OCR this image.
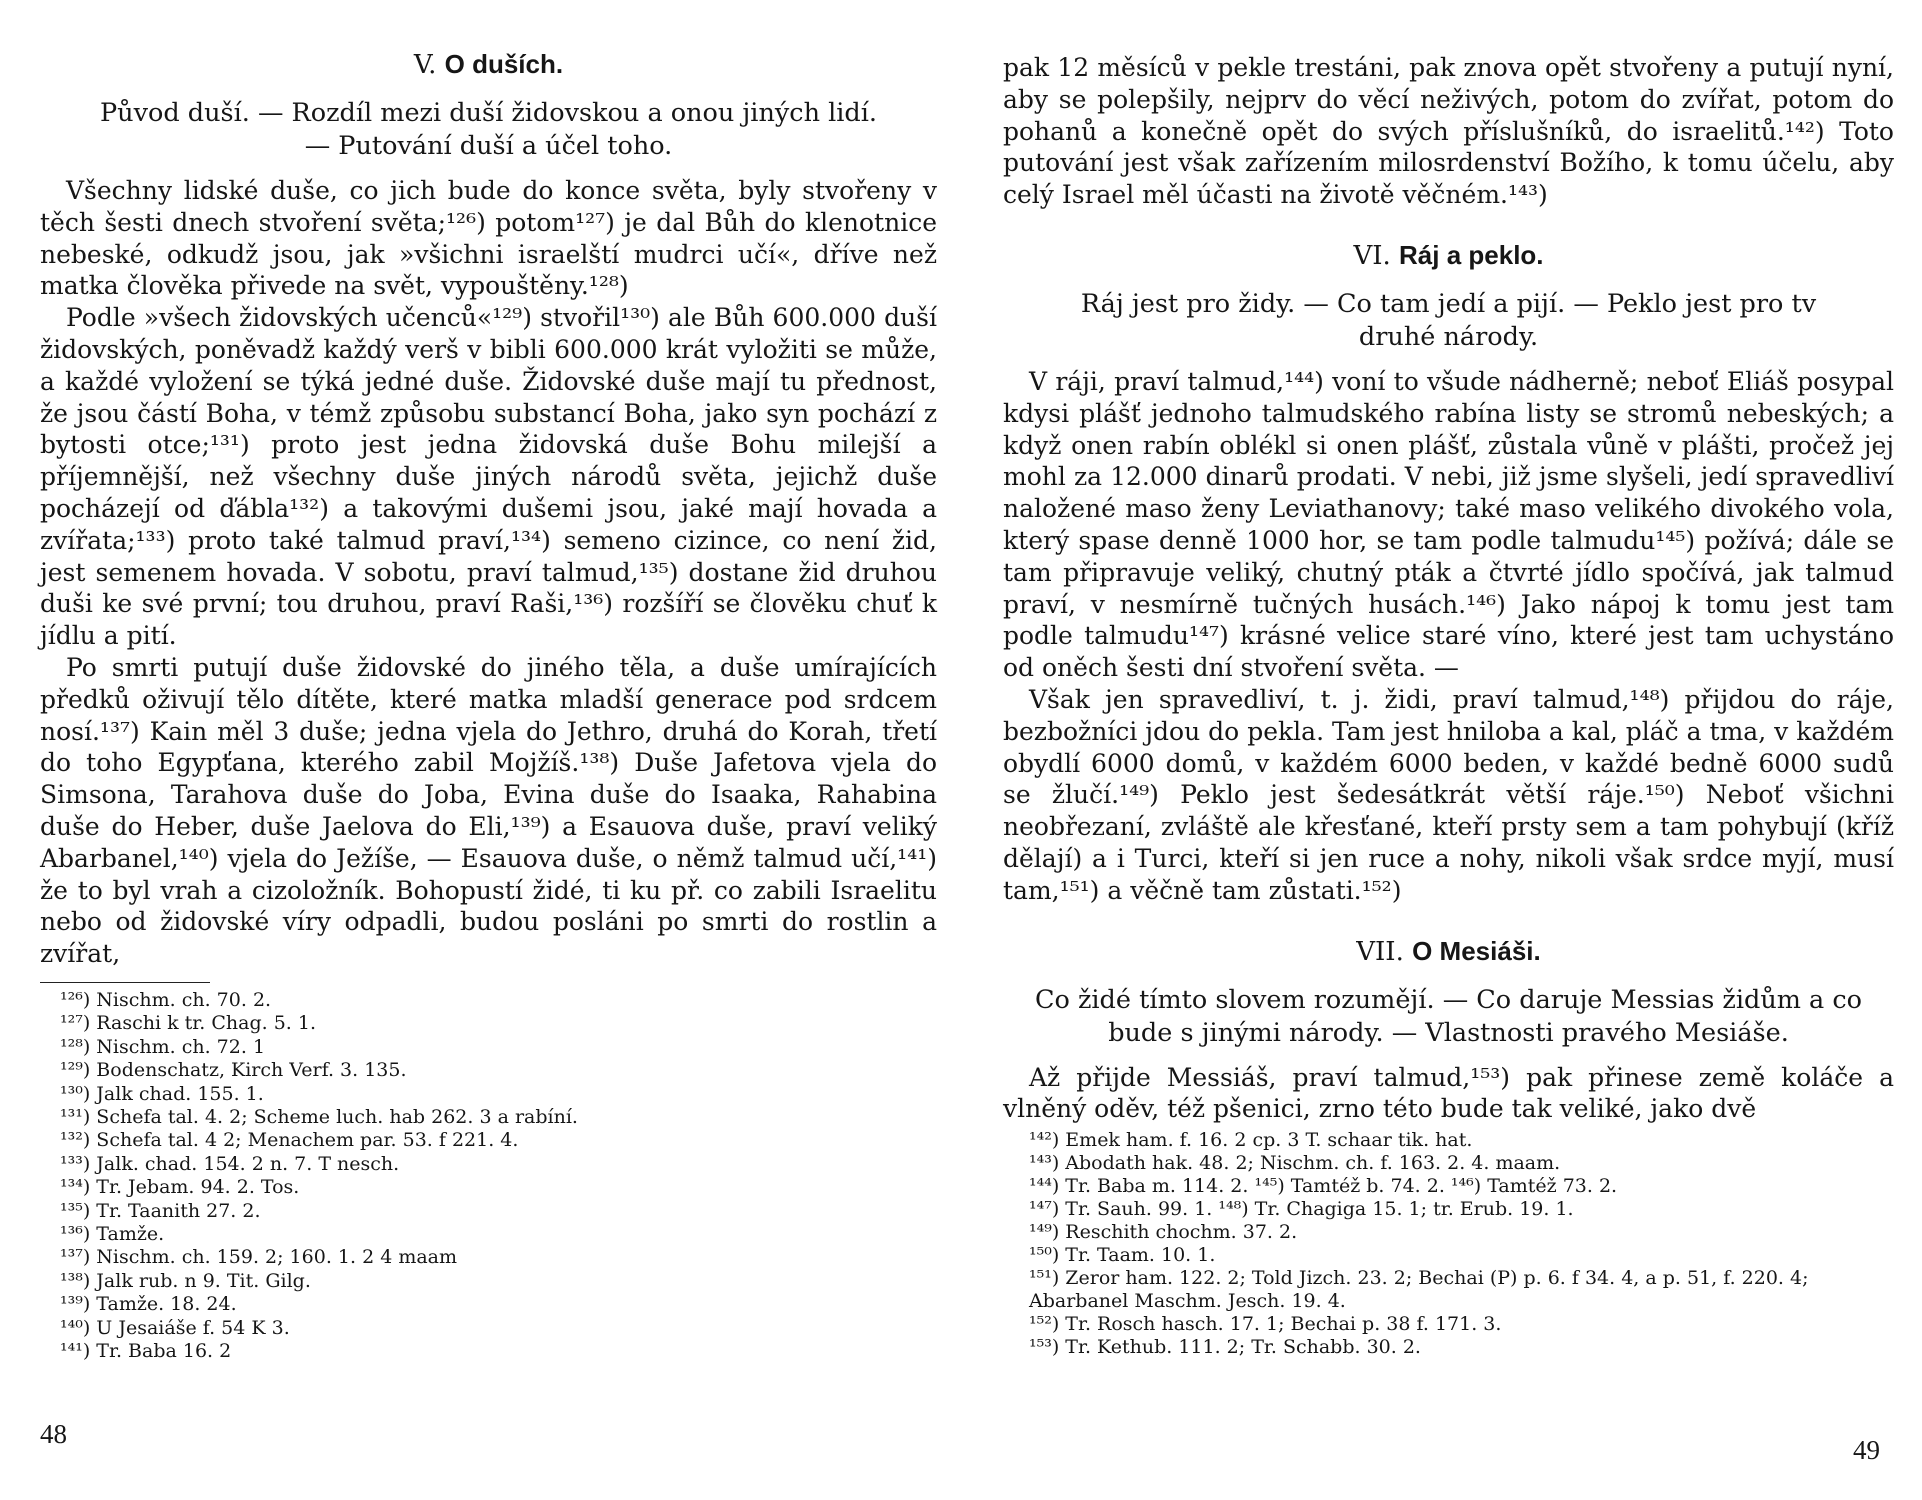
V. O duších.
Původ duší. — Rozdíl mezi duší židovskou a onou jiných lidí.
— Putování duší a účel toho.

Všechny lidské duše, co jich bude do konce světa, byly stvořeny v těch šesti dnech stvoření světa;¹²⁶) potom¹²⁷) je dal Bůh do klenotnice nebeské, odkudž jsou, jak »všichni israelští mudrci učí«, dříve než matka člověka přivede na svět, vypouštěny.¹²⁸)

Podle »všech židovských učenců«¹²⁹) stvořil¹³⁰) ale Bůh 600.000 duší židovských, poněvadž každý verš v bibli 600.000 krát vyložiti se může, a každé vyložení se týká jedné duše. Židovské duše mají tu přednost, že jsou částí Boha, v témž způsobu substancí Boha, jako syn pochází z bytosti otce;¹³¹) proto jest jedna židovská duše Bohu milejší a příjemnější, než všechny duše jiných národů světa, jejichž duše pocházejí od ďábla¹³²) a takovými dušemi jsou, jaké mají hovada a zvířata;¹³³) proto také talmud praví,¹³⁴) semeno cizince, co není žid, jest semenem hovada. V sobotu, praví talmud,¹³⁵) dostane žid druhou duši ke své první; tou druhou, praví Raši,¹³⁶) rozšíří se člověku chuť k jídlu a pití.

Po smrti putují duše židovské do jiného těla, a duše umírajících předků oživují tělo dítěte, které matka mladší generace pod srdcem nosí.¹³⁷) Kain měl 3 duše; jedna vjela do Jethro, druhá do Korah, třetí do toho Egypťana, kterého zabil Mojžíš.¹³⁸) Duše Jafetova vjela do Simsona, Tarahova duše do Joba, Evina duše do Isaaka, Rahabina duše do Heber, duše Jaelova do Eli,¹³⁹) a Esauova duše, praví veliký Abarbanel,¹⁴⁰) vjela do Ježíše, — Esauova duše, o němž talmud učí,¹⁴¹) že to byl vrah a cizoložník. Bohopustí židé, ti ku př. co zabili Israelitu nebo od židovské víry odpadli, budou posláni po smrti do rostlin a zvířat,

¹²⁶) Nischm. ch. 70. 2.
¹²⁷) Raschi k tr. Chag. 5. 1.
¹²⁸) Nischm. ch. 72. 1
¹²⁹) Bodenschatz, Kirch Verf. 3. 135.
¹³⁰) Jalk chad. 155. 1.
¹³¹) Schefa tal. 4. 2; Scheme luch. hab 262. 3 a rabíní.
¹³²) Schefa tal. 4 2; Menachem par. 53. f 221. 4.
¹³³) Jalk. chad. 154. 2 n. 7. T nesch.
¹³⁴) Tr. Jebam. 94. 2. Tos.
¹³⁵) Tr. Taanith 27. 2.
¹³⁶) Tamže.
¹³⁷) Nischm. ch. 159. 2; 160. 1. 2 4 maam
¹³⁸) Jalk rub. n 9. Tit. Gilg.
¹³⁹) Tamže. 18. 24.
¹⁴⁰) U Jesaiáše f. 54 K 3.
¹⁴¹) Tr. Baba 16. 2
48

pak 12 měsíců v pekle trestáni, pak znova opět stvořeny a putují nyní, aby se polepšily, nejprv do věcí neživých, potom do zvířat, potom do pohanů a konečně opět do svých příslušníků, do israelitů.¹⁴²) Toto putování jest však zařízením milosrdenství Božího, k tomu účelu, aby celý Israel měl účasti na životě věčném.¹⁴³)

VI. Ráj a peklo.
Ráj jest pro židy. — Co tam jedí a pijí. — Peklo jest pro tv
druhé národy.

V ráji, praví talmud,¹⁴⁴) voní to všude nádherně; neboť Eliáš posypal kdysi plášť jednoho talmudského rabína listy se stromů nebeských; a když onen rabín oblékl si onen plášť, zůstala vůně v plášti, pročež jej mohl za 12.000 dinarů prodati. V nebi, již jsme slyšeli, jedí spravedliví naložené maso ženy Leviathanovy; také maso velikého divokého vola, který spase denně 1000 hor, se tam podle talmudu¹⁴⁵) požívá; dále se tam připravuje veliký, chutný pták a čtvrté jídlo spočívá, jak talmud praví, v nesmírně tučných husách.¹⁴⁶) Jako nápoj k tomu jest tam podle talmudu¹⁴⁷) krásné velice staré víno, které jest tam uchystáno od oněch šesti dní stvoření světa. —

Však jen spravedliví, t. j. židi, praví talmud,¹⁴⁸) přijdou do ráje, bezbožníci jdou do pekla. Tam jest hniloba a kal, pláč a tma, v každém obydlí 6000 domů, v každém 6000 beden, v každé bedně 6000 sudů se žlučí.¹⁴⁹) Peklo jest šedesátkrát větší ráje.¹⁵⁰) Neboť všichni neobřezaní, zvláště ale křesťané, kteří prsty sem a tam pohybují (kříž dělají) a i Turci, kteří si jen ruce a nohy, nikoli však srdce myjí, musí tam,¹⁵¹) a věčně tam zůstati.¹⁵²)

VII. O Mesiáši.
Co židé tímto slovem rozumějí. — Co daruje Messias židům a co
bude s jinými národy. — Vlastnosti pravého Mesiáše.

Až přijde Messiáš, praví talmud,¹⁵³) pak přinese země koláče a vlněný oděv, též pšenici, zrno této bude tak veliké, jako dvě

¹⁴²) Emek ham. f. 16. 2 cp. 3 T. schaar tik. hat.
¹⁴³) Abodath hak. 48. 2; Nischm. ch. f. 163. 2. 4. maam.
¹⁴⁴) Tr. Baba m. 114. 2. ¹⁴⁵) Tamtéž b. 74. 2. ¹⁴⁶) Tamtéž 73. 2.
¹⁴⁷) Tr. Sauh. 99. 1. ¹⁴⁸) Tr. Chagiga 15. 1; tr. Erub. 19. 1.
¹⁴⁹) Reschith chochm. 37. 2.
¹⁵⁰) Tr. Taam. 10. 1.
¹⁵¹) Zeror ham. 122. 2; Told Jizch. 23. 2; Bechai (P) p. 6. f 34. 4, a p. 51, f. 220. 4; Abarbanel Maschm. Jesch. 19. 4.
¹⁵²) Tr. Rosch hasch. 17. 1; Bechai p. 38 f. 171. 3.
¹⁵³) Tr. Kethub. 111. 2; Tr. Schabb. 30. 2.
49
